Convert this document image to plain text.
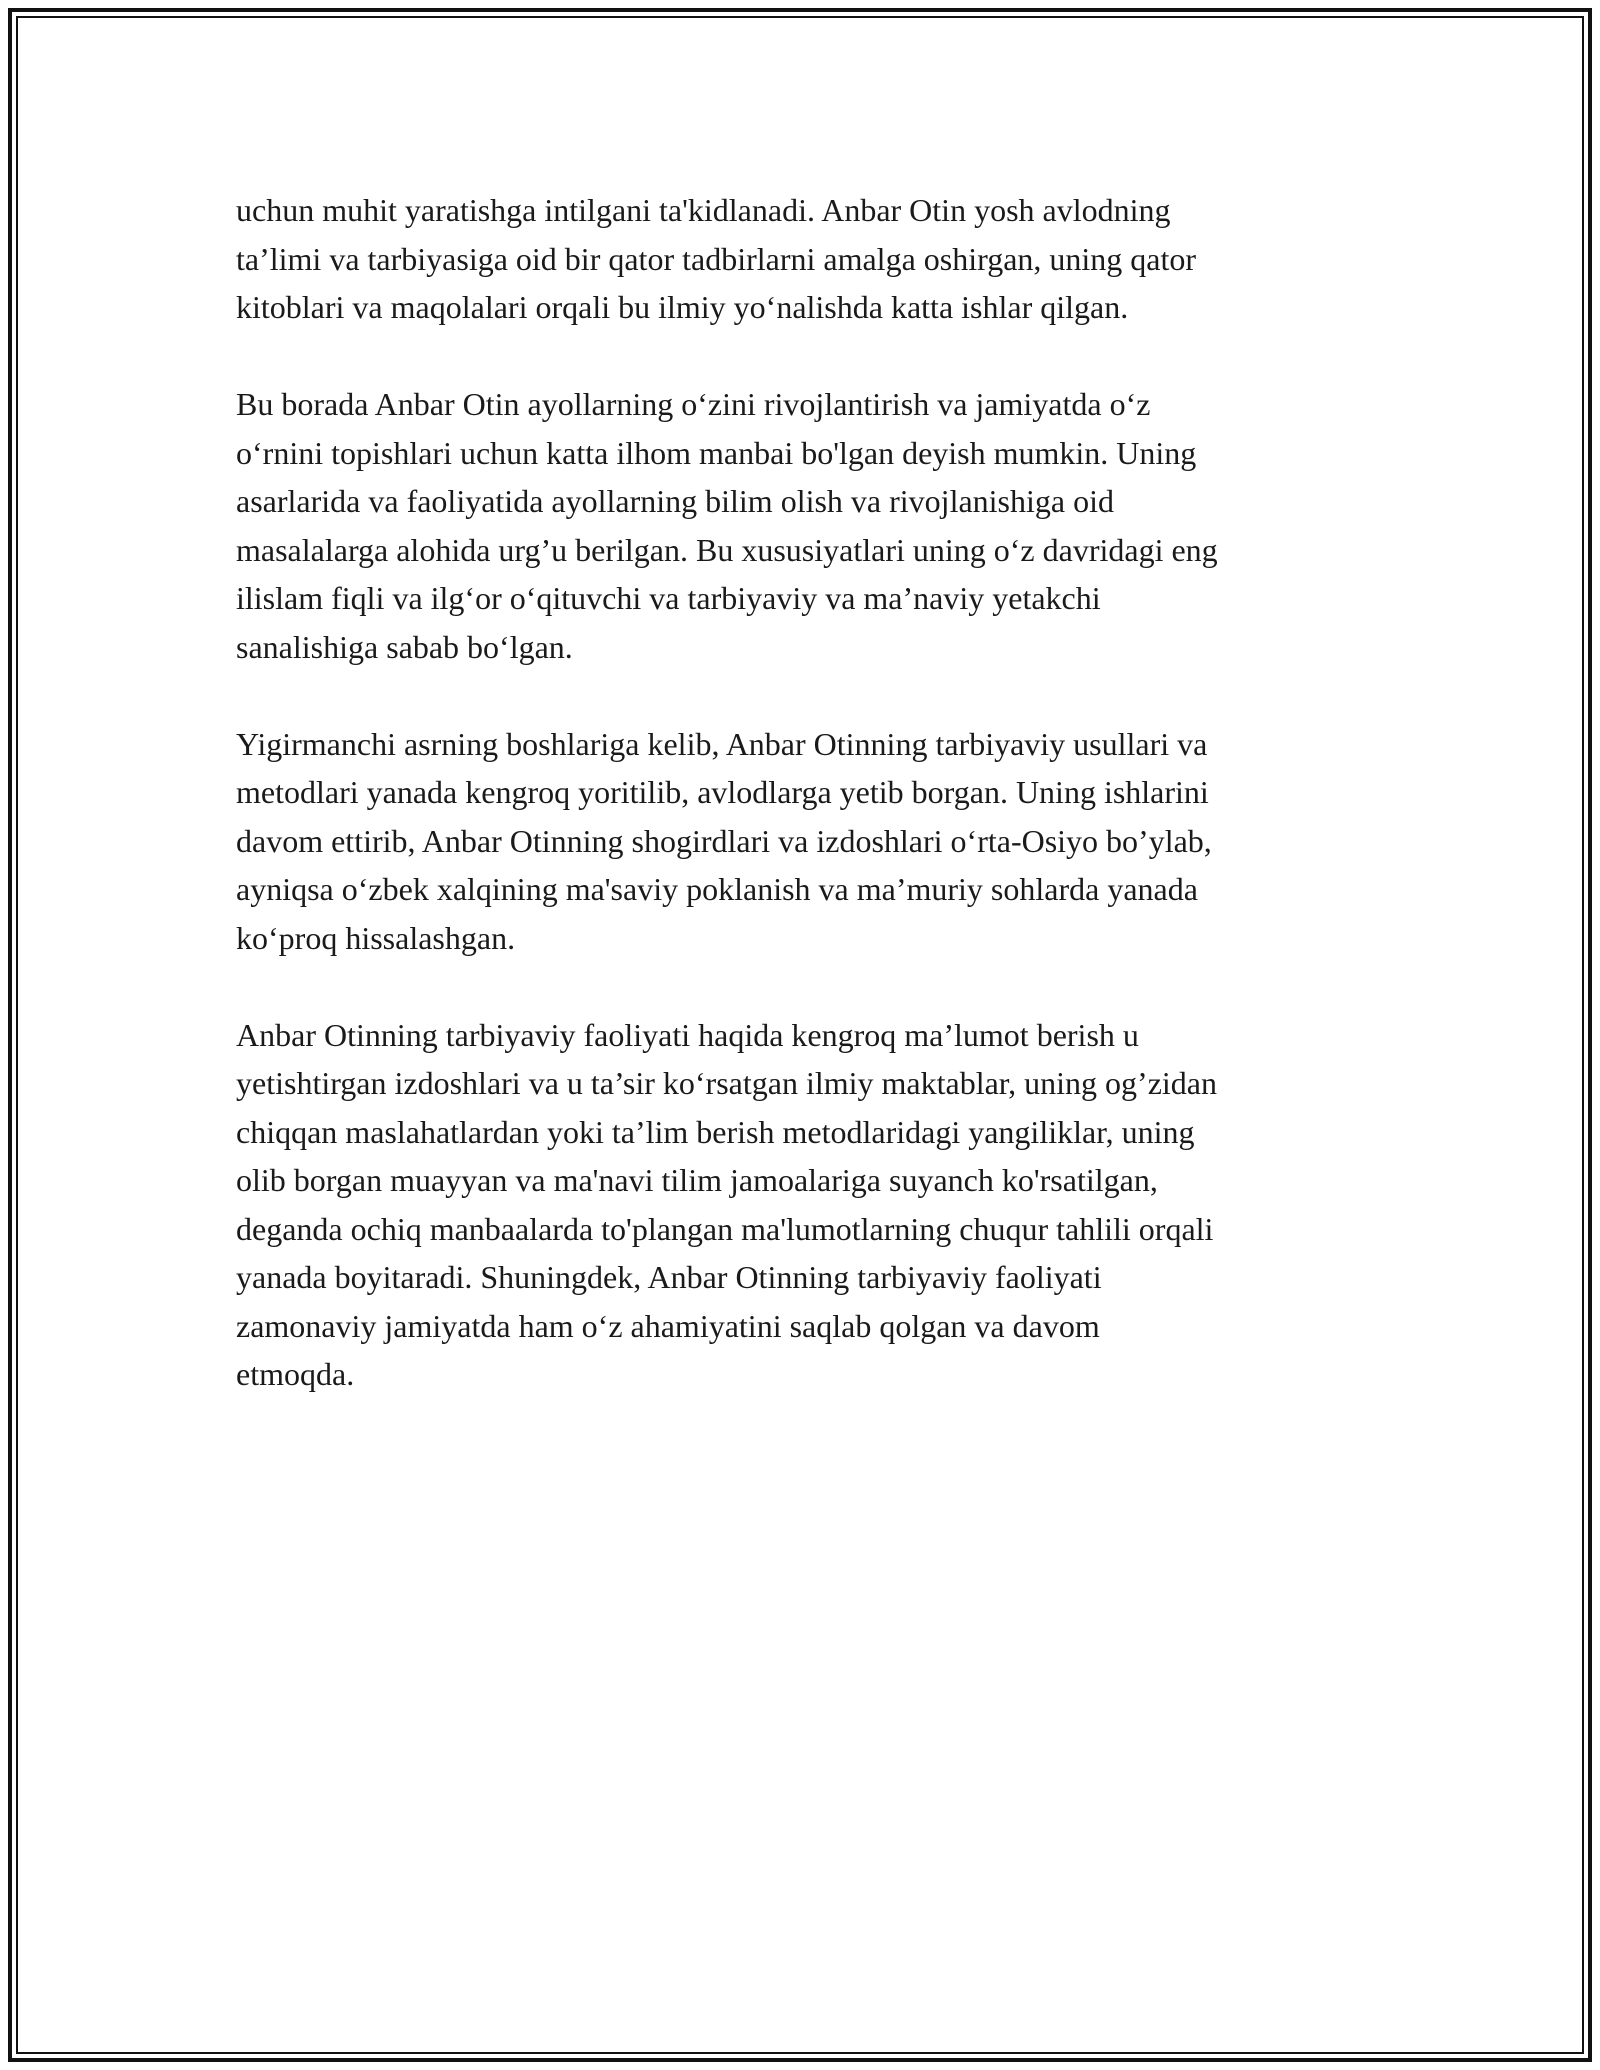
uchun muhit yaratishga intilgani ta'kidlanadi. Anbar Otin yosh avlodning
ta’limi va tarbiyasiga oid bir qator tadbirlarni amalga oshirgan, uning qator
kitoblari va maqolalari orqali bu ilmiy yo‘nalishda katta ishlar qilgan.

Bu borada Anbar Otin ayollarning o‘zini rivojlantirish va jamiyatda o‘z
o‘rnini topishlari uchun katta ilhom manbai bo'lgan deyish mumkin. Uning
asarlarida va faoliyatida ayollarning bilim olish va rivojlanishiga oid
masalalarga alohida urg’u berilgan. Bu xususiyatlari uning o‘z davridagi eng
ilislam fiqli va ilg‘or o‘qituvchi va tarbiyaviy va ma’naviy yetakchi
sanalishiga sabab bo‘lgan.

Yigirmanchi asrning boshlariga kelib, Anbar Otinning tarbiyaviy usullari va
metodlari yanada kengroq yoritilib, avlodlarga yetib borgan. Uning ishlarini
davom ettirib, Anbar Otinning shogirdlari va izdoshlari o‘rta-Osiyo bo’ylab,
ayniqsa o‘zbek xalqining ma'saviy poklanish va ma’muriy sohlarda yanada
ko‘proq hissalashgan.

Anbar Otinning tarbiyaviy faoliyati haqida kengroq ma’lumot berish u
yetishtirgan izdoshlari va u ta’sir ko‘rsatgan ilmiy maktablar, uning og’zidan
chiqqan maslahatlardan yoki ta’lim berish metodlaridagi yangiliklar, uning
olib borgan muayyan va ma'navi tilim jamoalariga suyanch ko'rsatilgan,
deganda ochiq manbaalarda to'plangan ma'lumotlarning chuqur tahlili orqali
yanada boyitaradi. Shuningdek, Anbar Otinning tarbiyaviy faoliyati
zamonaviy jamiyatda ham o‘z ahamiyatini saqlab qolgan va davom
etmoqda.
